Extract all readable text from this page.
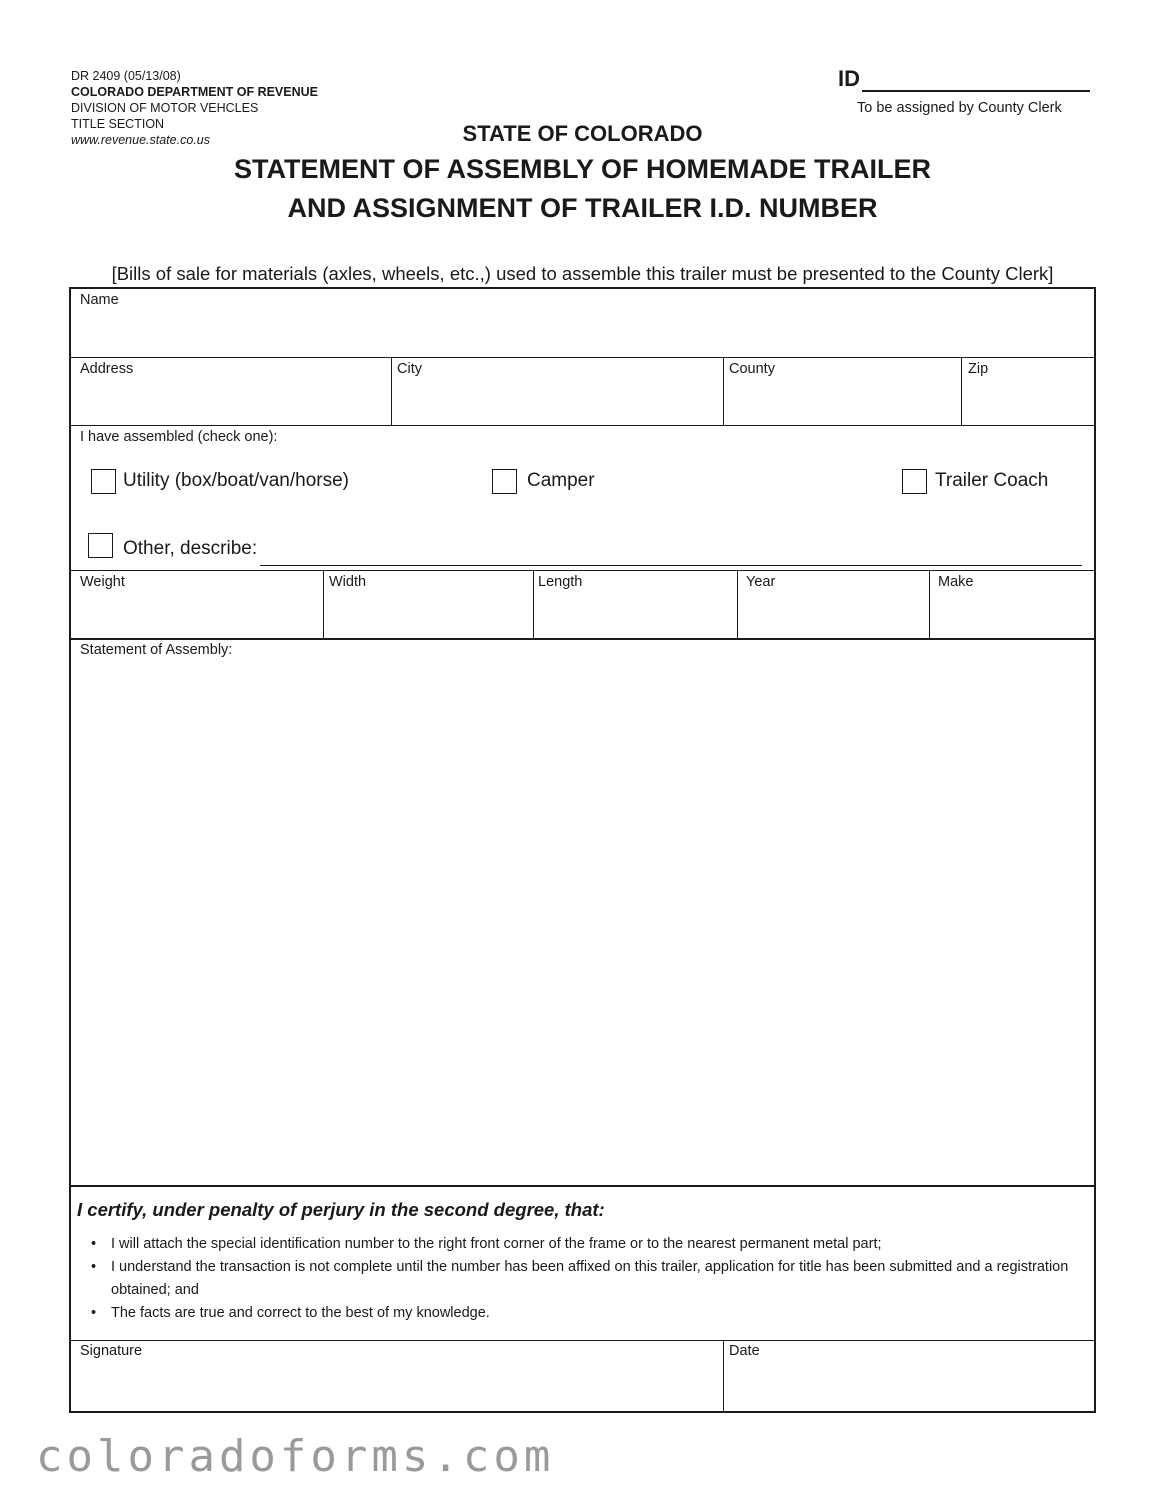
DR 2409 (05/13/08)
COLORADO DEPARTMENT OF REVENUE
DIVISION OF MOTOR VEHCLES
TITLE SECTION
www.revenue.state.co.us
ID
To be assigned by County Clerk
STATE OF COLORADO
STATEMENT OF ASSEMBLY OF HOMEMADE TRAILER
AND ASSIGNMENT OF TRAILER I.D. NUMBER
[Bills of sale for materials (axles, wheels, etc.,) used to assemble this trailer must be presented to the County Clerk]
Name
Address	City	County	Zip
I have assembled (check one):
Utility (box/boat/van/horse)	Camper	Trailer Coach
Other, describe:
Weight	Width	Length	Year	Make
Statement of Assembly:
I certify, under penalty of perjury in the second degree, that:
• I will attach the special identification number to the right front corner of the frame or to the nearest permanent metal part;
• I understand the transaction is not complete until the number has been affixed on this trailer, application for title has been submitted and a registration obtained; and
• The facts are true and correct to the best of my knowledge.
Signature	Date
coloradoforms.com
